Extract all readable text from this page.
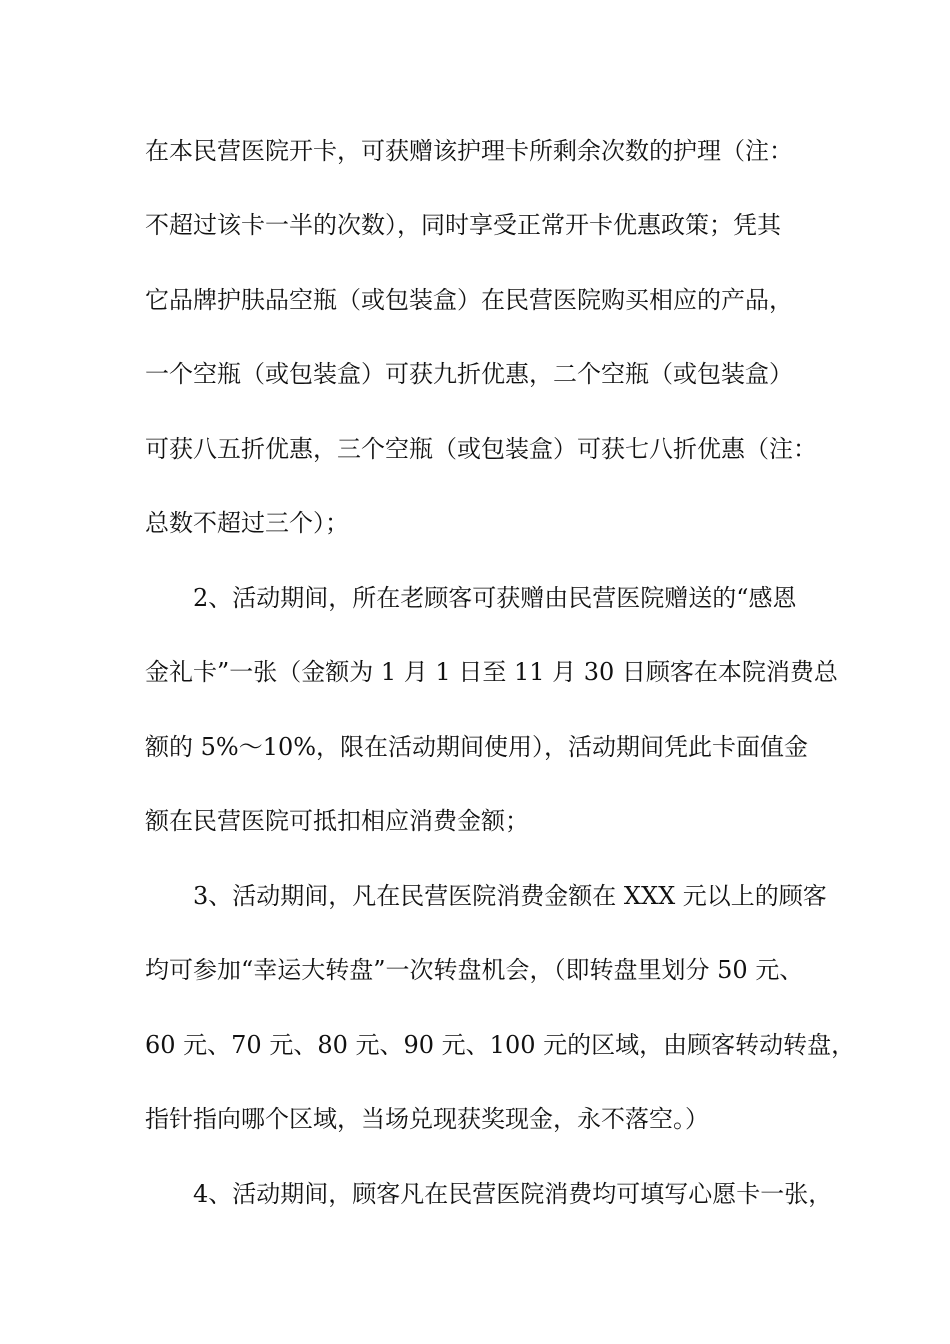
在本民营医院开卡，可获赠该护理卡所剩余次数的护理（注：
不超过该卡一半的次数），同时享受正常开卡优惠政策；凭其
它品牌护肤品空瓶（或包装盒）在民营医院购买相应的产品，
一个空瓶（或包装盒）可获九折优惠，二个空瓶（或包装盒）
可获八五折优惠，三个空瓶（或包装盒）可获七八折优惠（注：
总数不超过三个）；
2、活动期间，所在老顾客可获赠由民营医院赠送的“感恩
金礼卡”一张（金额为 1 月 1 日至 11 月 30 日顾客在本院消费总
额的 5%～10%，限在活动期间使用），活动期间凭此卡面值金
额在民营医院可抵扣相应消费金额；
3、活动期间，凡在民营医院消费金额在 XXX 元以上的顾客
均可参加“幸运大转盘”一次转盘机会，（即转盘里划分 50 元、
60 元、70 元、80 元、90 元、100 元的区域，由顾客转动转盘，
指针指向哪个区域，当场兑现获奖现金，永不落空。）
4、活动期间，顾客凡在民营医院消费均可填写心愿卡一张，
